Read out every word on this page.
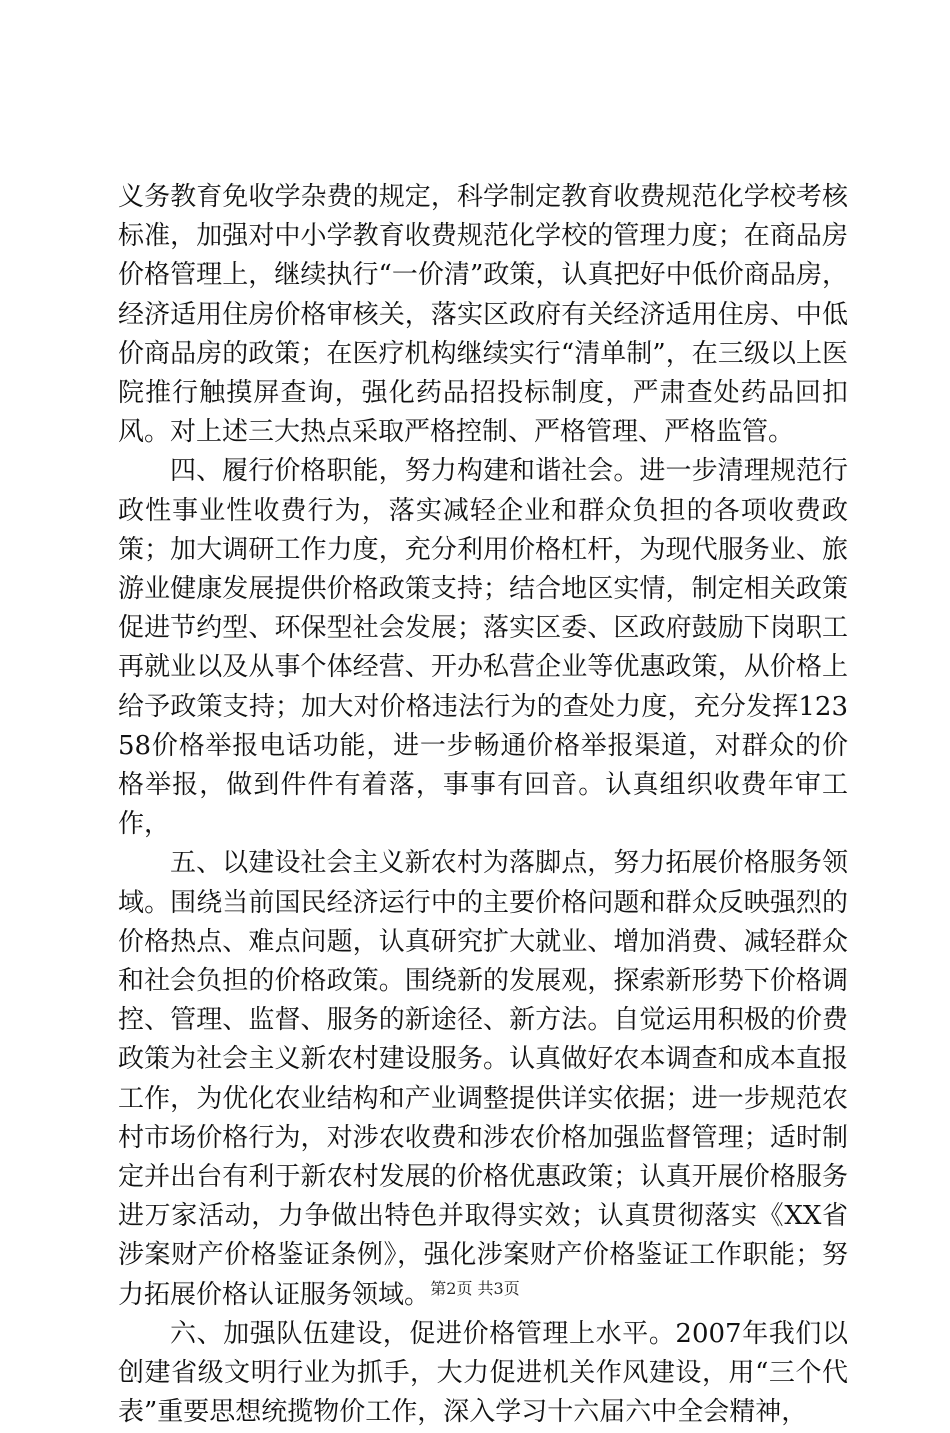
义务教育免收学杂费的规定，科学制定教育收费规范化学校考核标准，加强对中小学教育收费规范化学校的管理力度；在商品房价格管理上，继续执行“一价清”政策，认真把好中低价商品房，经济适用住房价格审核关，落实区政府有关经济适用住房、中低价商品房的政策；在医疗机构继续实行“清单制”，在三级以上医院推行触摸屏查询，强化药品招投标制度，严肃查处药品回扣风。对上述三大热点采取严格控制、严格管理、严格监管。

四、履行价格职能，努力构建和谐社会。进一步清理规范行政性事业性收费行为，落实减轻企业和群众负担的各项收费政策；加大调研工作力度，充分利用价格杠杆，为现代服务业、旅游业健康发展提供价格政策支持；结合地区实情，制定相关政策促进节约型、环保型社会发展；落实区委、区政府鼓励下岗职工再就业以及从事个体经营、开办私营企业等优惠政策，从价格上给予政策支持；加大对价格违法行为的查处力度，充分发挥12358价格举报电话功能，进一步畅通价格举报渠道，对群众的价格举报，做到件件有着落，事事有回音。认真组织收费年审工作，

五、以建设社会主义新农村为落脚点，努力拓展价格服务领域。围绕当前国民经济运行中的主要价格问题和群众反映强烈的价格热点、难点问题，认真研究扩大就业、增加消费、减轻群众和社会负担的价格政策。围绕新的发展观，探索新形势下价格调控、管理、监督、服务的新途径、新方法。自觉运用积极的价费政策为社会主义新农村建设服务。认真做好农本调查和成本直报工作，为优化农业结构和产业调整提供详实依据；进一步规范农村市场价格行为，对涉农收费和涉农价格加强监督管理；适时制定并出台有利于新农村发展的价格优惠政策；认真开展价格服务进万家活动，力争做出特色并取得实效；认真贯彻落实《XX省涉案财产价格鉴证条例》，强化涉案财产价格鉴证工作职能；努力拓展价格认证服务领域。

六、加强队伍建设，促进价格管理上水平。2007年我们以创建省级文明行业为抓手，大力促进机关作风建设，用“三个代表”重要思想统揽物价工作，深入学习十六届六中全会精神，

第2页 共3页
